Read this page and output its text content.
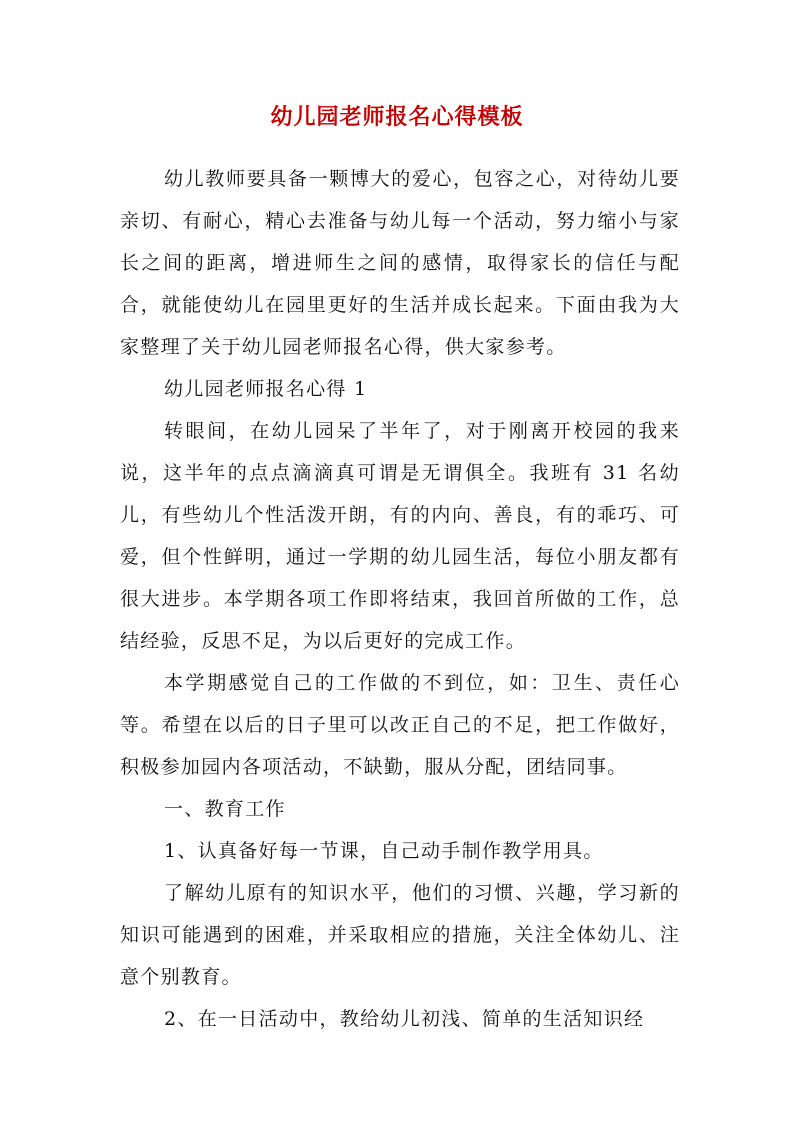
幼儿园老师报名心得模板

幼儿教师要具备一颗博大的爱心，包容之心，对待幼儿要亲切、有耐心，精心去准备与幼儿每一个活动，努力缩小与家长之间的距离，增进师生之间的感情，取得家长的信任与配合，就能使幼儿在园里更好的生活并成长起来。下面由我为大家整理了关于幼儿园老师报名心得，供大家参考。

幼儿园老师报名心得 1

转眼间，在幼儿园呆了半年了，对于刚离开校园的我来说，这半年的点点滴滴真可谓是无谓俱全。我班有 31 名幼儿，有些幼儿个性活泼开朗，有的内向、善良，有的乖巧、可爱，但个性鲜明，通过一学期的幼儿园生活，每位小朋友都有很大进步。本学期各项工作即将结束，我回首所做的工作，总结经验，反思不足，为以后更好的完成工作。

本学期感觉自己的工作做的不到位，如：卫生、责任心等。希望在以后的日子里可以改正自己的不足，把工作做好，积极参加园内各项活动，不缺勤，服从分配，团结同事。

一、教育工作

1、认真备好每一节课，自己动手制作教学用具。

了解幼儿原有的知识水平，他们的习惯、兴趣，学习新的知识可能遇到的困难，并采取相应的措施，关注全体幼儿、注意个别教育。

2、在一日活动中，教给幼儿初浅、简单的生活知识经
